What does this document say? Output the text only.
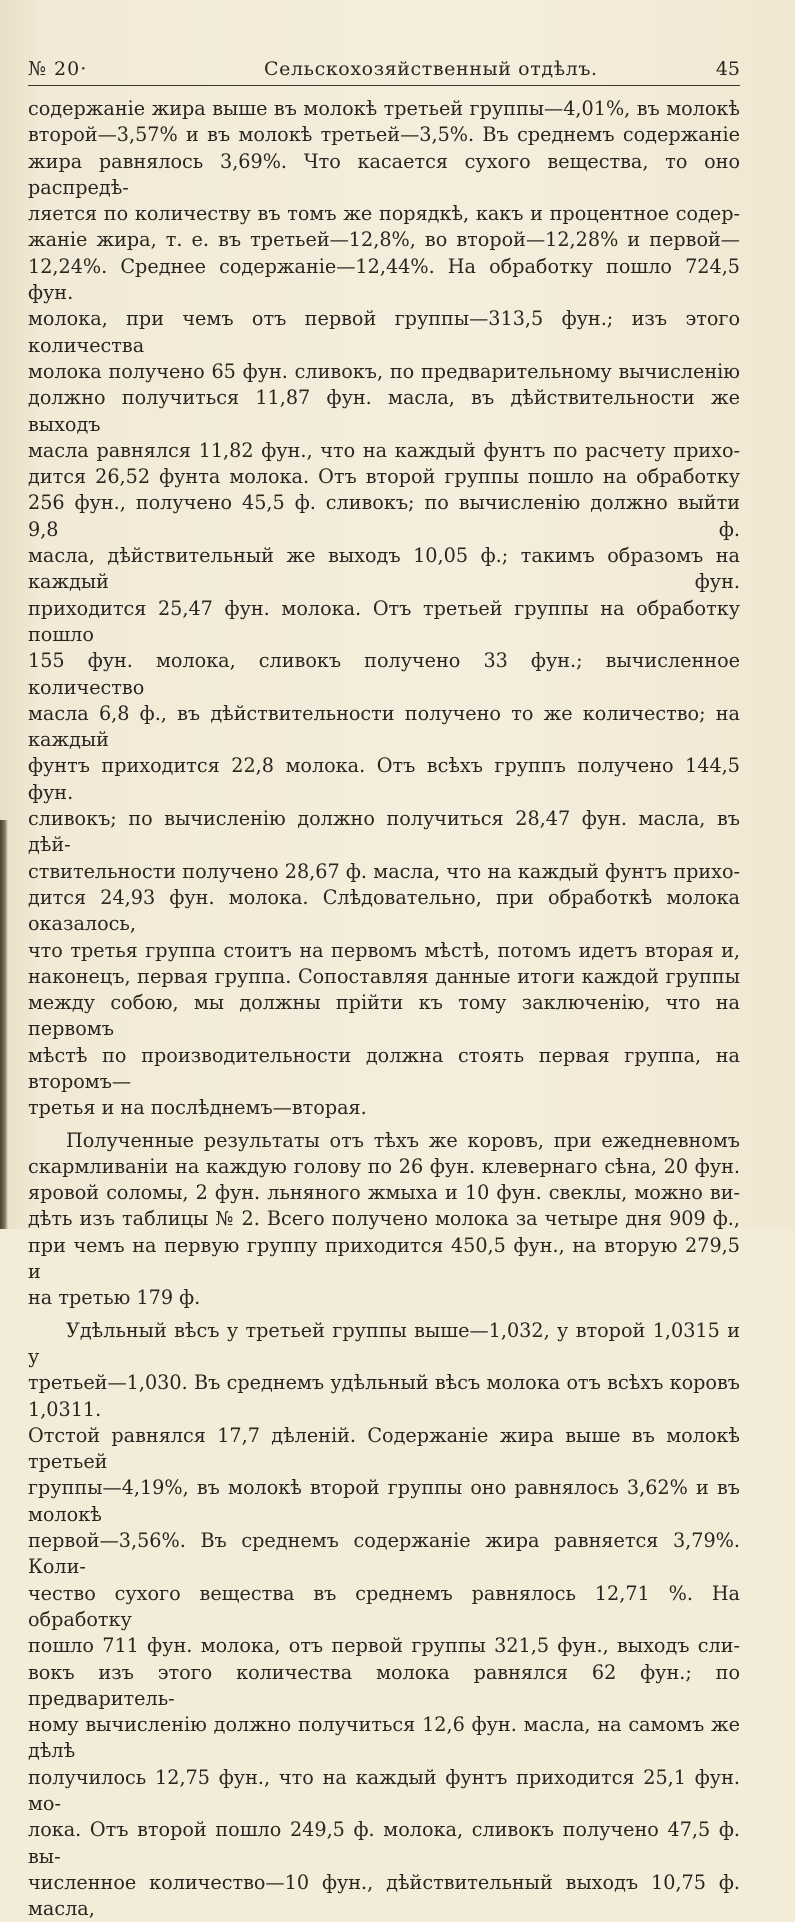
№ 20·	Сельскохозяйственный отдѣлъ.	45

содержаніе жира выше въ молокѣ третьей группы—4,01%, въ молокѣ

второй—3,57% и въ молокѣ третьей—3,5%. Въ среднемъ содержаніе

жира равнялось 3,69%. Что касается сухого вещества, то оно распредѣ-

ляется по количеству въ томъ же порядкѣ, какъ и процентное содер-

жаніе жира, т. е. въ третьей—12,8%, во второй—12,28% и первой—

12,24%. Среднее содержаніе—12,44%. На обработку пошло 724,5 фун.

молока, при чемъ отъ первой группы—313,5 фун.; изъ этого количества

молока получено 65 фун. сливокъ, по предварительному вычисленію

должно получиться 11,87 фун. масла, въ дѣйствительности же выходъ

масла равнялся 11,82 фун., что на каждый фунтъ по расчету прихо-

дится 26,52 фунта молока. Отъ второй группы пошло на обработку

256 фун., получено 45,5 ф. сливокъ; по вычисленію должно выйти 9,8 ф.

масла, дѣйствительный же выходъ 10,05 ф.; такимъ образомъ на каждый фун.

приходится 25,47 фун. молока. Отъ третьей группы на обработку пошло

155 фун. молока, сливокъ получено 33 фун.; вычисленное количество

масла 6,8 ф., въ дѣйствительности получено то же количество; на каждый

фунтъ приходится 22,8 молока. Отъ всѣхъ группъ получено 144,5 фун.

сливокъ; по вычисленію должно получиться 28,47 фун. масла, въ дѣй-

ствительности получено 28,67 ф. масла, что на каждый фунтъ прихо-

дится 24,93 фун. молока. Слѣдовательно, при обработкѣ молока оказалось,

что третья группа стоитъ на первомъ мѣстѣ, потомъ идетъ вторая и,

наконецъ, первая группа. Сопоставляя данные итоги каждой группы

между собою, мы должны прійти къ тому заключенію, что на первомъ

мѣстѣ по производительности должна стоять первая группа, на второмъ—

третья и на послѣднемъ—вторая.

Полученные результаты отъ тѣхъ же коровъ, при ежедневномъ

скармливаніи на каждую голову по 26 фун. клевернаго сѣна, 20 фун.

яровой соломы, 2 фун. льняного жмыха и 10 фун. свеклы, можно ви-

дѣть изъ таблицы № 2. Всего получено молока за четыре дня 909 ф.,

при чемъ на первую группу приходится 450,5 фун., на вторую 279,5 и

на третью 179 ф.

Удѣльный вѣсъ у третьей группы выше—1,032, у второй 1,0315 и у

третьей—1,030. Въ среднемъ удѣльный вѣсъ молока отъ всѣхъ коровъ 1,0311.

Отстой равнялся 17,7 дѣленій. Содержаніе жира выше въ молокѣ третьей

группы—4,19%, въ молокѣ второй группы оно равнялось 3,62% и въ молокѣ

первой—3,56%. Въ среднемъ содержаніе жира равняется 3,79%. Коли-

чество сухого вещества въ среднемъ равнялось 12,71 %. На обработку

пошло 711 фун. молока, отъ первой группы 321,5 фун., выходъ сли-

вокъ изъ этого количества молока равнялся 62 фун.; по предваритель-

ному вычисленію должно получиться 12,6 фун. масла, на самомъ же дѣлѣ

получилось 12,75 фун., что на каждый фунтъ приходится 25,1 фун. мо-

лока. Отъ второй пошло 249,5 ф. молока, сливокъ получено 47,5 ф. вы-

численное количество—10 фун., дѣйствительный выходъ 10,75 ф. масла,
